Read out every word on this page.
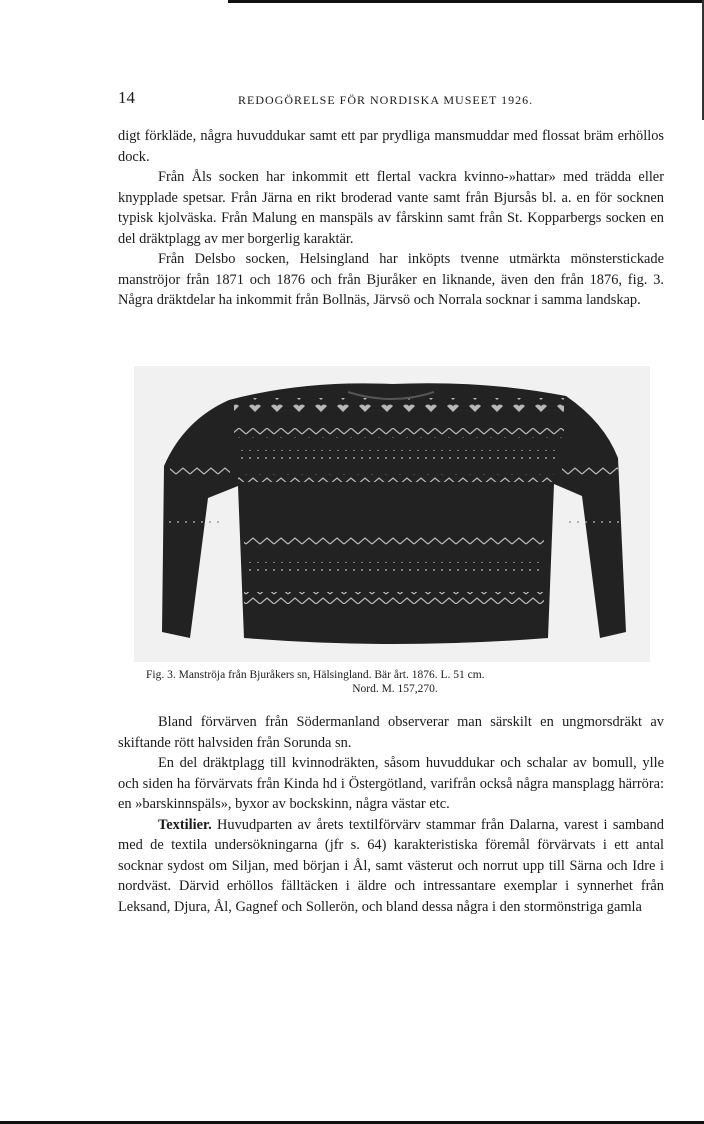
14	REDOGÖRELSE FÖR NORDISKA MUSEET 1926.

digt förkläde, några huvuddukar samt ett par prydliga mansmuddar med flossat bräm erhöllos dock.

Från Åls socken har inkommit ett flertal vackra kvinno-»hattar» med trädda eller knypplade spetsar. Från Järna en rikt broderad vante samt från Bjursås bl. a. en för socknen typisk kjolväska. Från Malung en manspäls av fårskinn samt från St. Kopparbergs socken en del dräktplagg av mer borgerlig karaktär.

Från Delsbo socken, Helsingland har inköpts tvenne utmärkta mönsterstickade manströjor från 1871 och 1876 och från Bjuråker en liknande, även den från 1876, fig. 3. Några dräktdelar ha inkommit från Bollnäs, Järvsö och Norrala socknar i samma landskap.

Fig. 3. Manströja från Bjuråkers sn, Hälsingland. Bär årt. 1876. L. 51 cm.
Nord. M. 157,270.

Bland förvärven från Södermanland observerar man särskilt en ungmorsdräkt av skiftande rött halvsiden från Sorunda sn.

En del dräktplagg till kvinnodräkten, såsom huvuddukar och schalar av bomull, ylle och siden ha förvärvats från Kinda hd i Östergötland, varifrån också några mansplagg härröra: en »barskinnspäls», byxor av bockskinn, några västar etc.

Textilier. Huvudparten av årets textilförvärv stammar från Dalarna, varest i samband med de textila undersökningarna (jfr s. 64) karakteristiska föremål förvärvats i ett antal socknar sydost om Siljan, med början i Ål, samt västerut och norrut upp till Särna och Idre i nordväst. Därvid erhöllos fälltäcken i äldre och intressantare exemplar i synnerhet från Leksand, Djura, Ål, Gagnef och Sollerön, och bland dessa några i den stormönstriga gamla
